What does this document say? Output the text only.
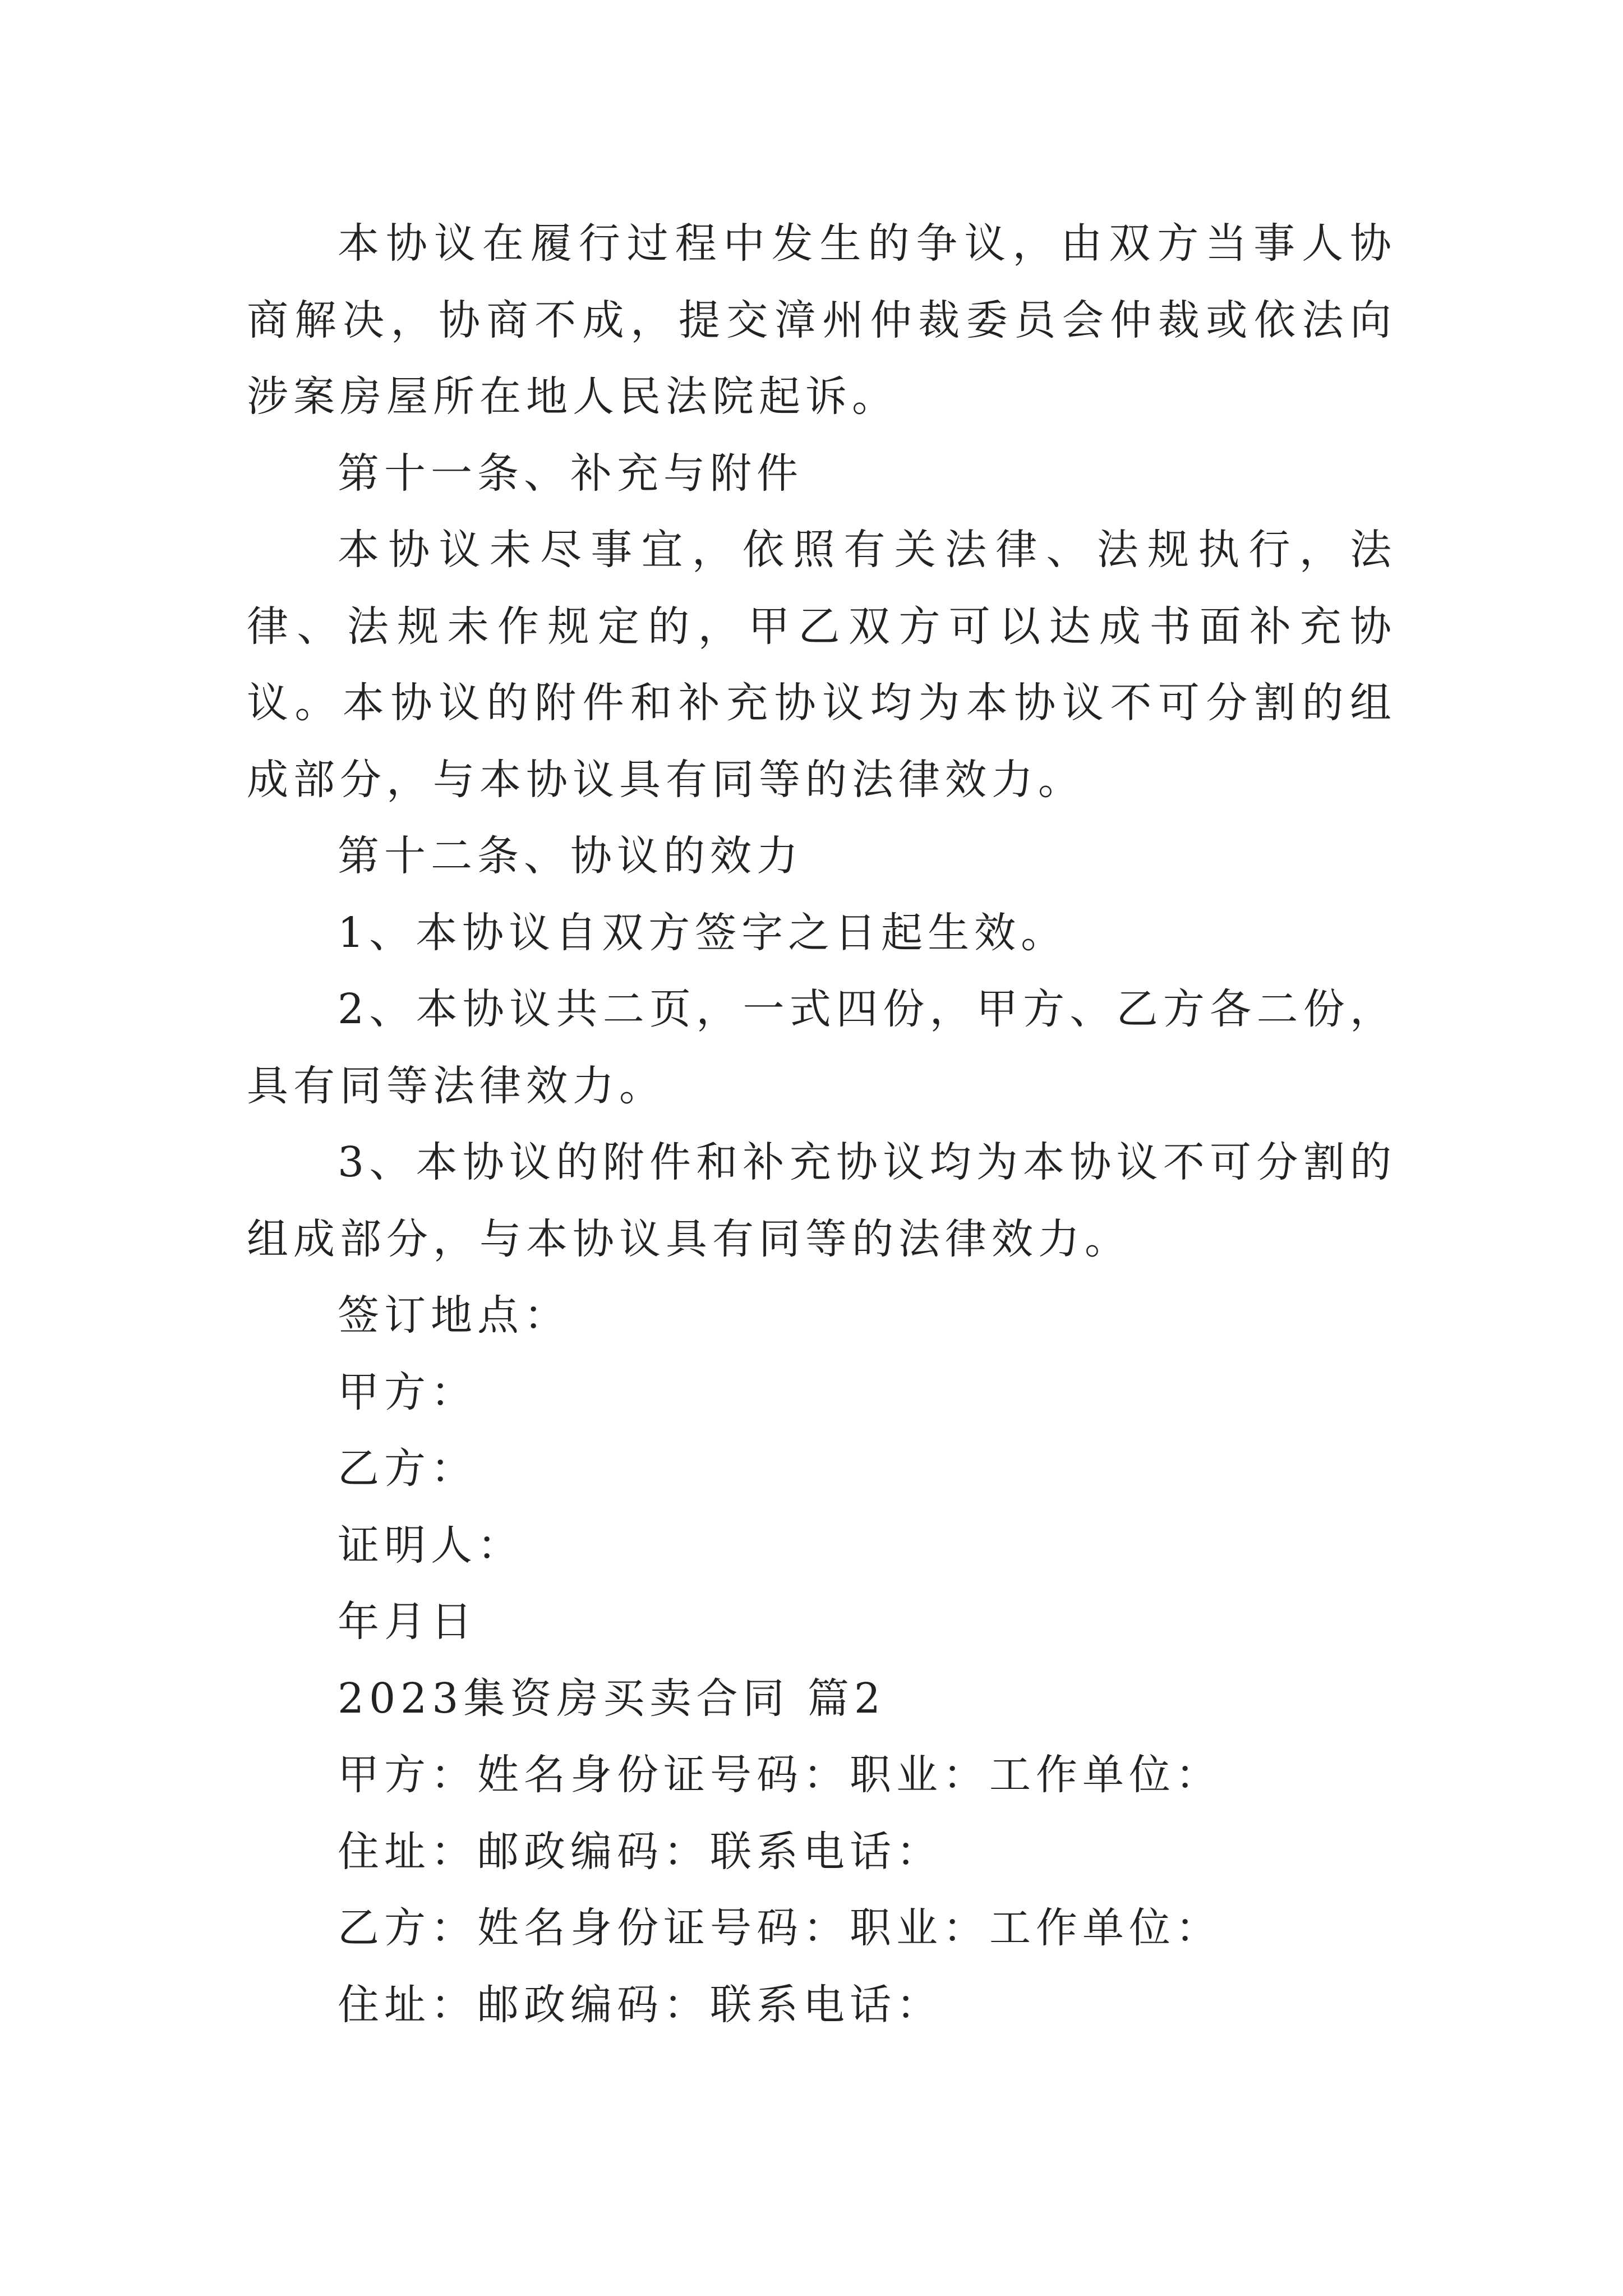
本协议在履行过程中发生的争议，由双方当事人协商解决，协商不成，提交漳州仲裁委员会仲裁或依法向涉案房屋所在地人民法院起诉。

第十一条、补充与附件

本协议未尽事宜，依照有关法律、法规执行，法律、法规未作规定的，甲乙双方可以达成书面补充协议。本协议的附件和补充协议均为本协议不可分割的组成部分，与本协议具有同等的法律效力。

第十二条、协议的效力

1、本协议自双方签字之日起生效。

2、本协议共二页，一式四份，甲方、乙方各二份，具有同等法律效力。

3、本协议的附件和补充协议均为本协议不可分割的组成部分，与本协议具有同等的法律效力。

签订地点：

甲方：

乙方：

证明人：

年月日

2023集资房买卖合同 篇2

甲方：姓名身份证号码：职业：工作单位：

住址：邮政编码：联系电话：

乙方：姓名身份证号码：职业：工作单位：

住址：邮政编码：联系电话：
